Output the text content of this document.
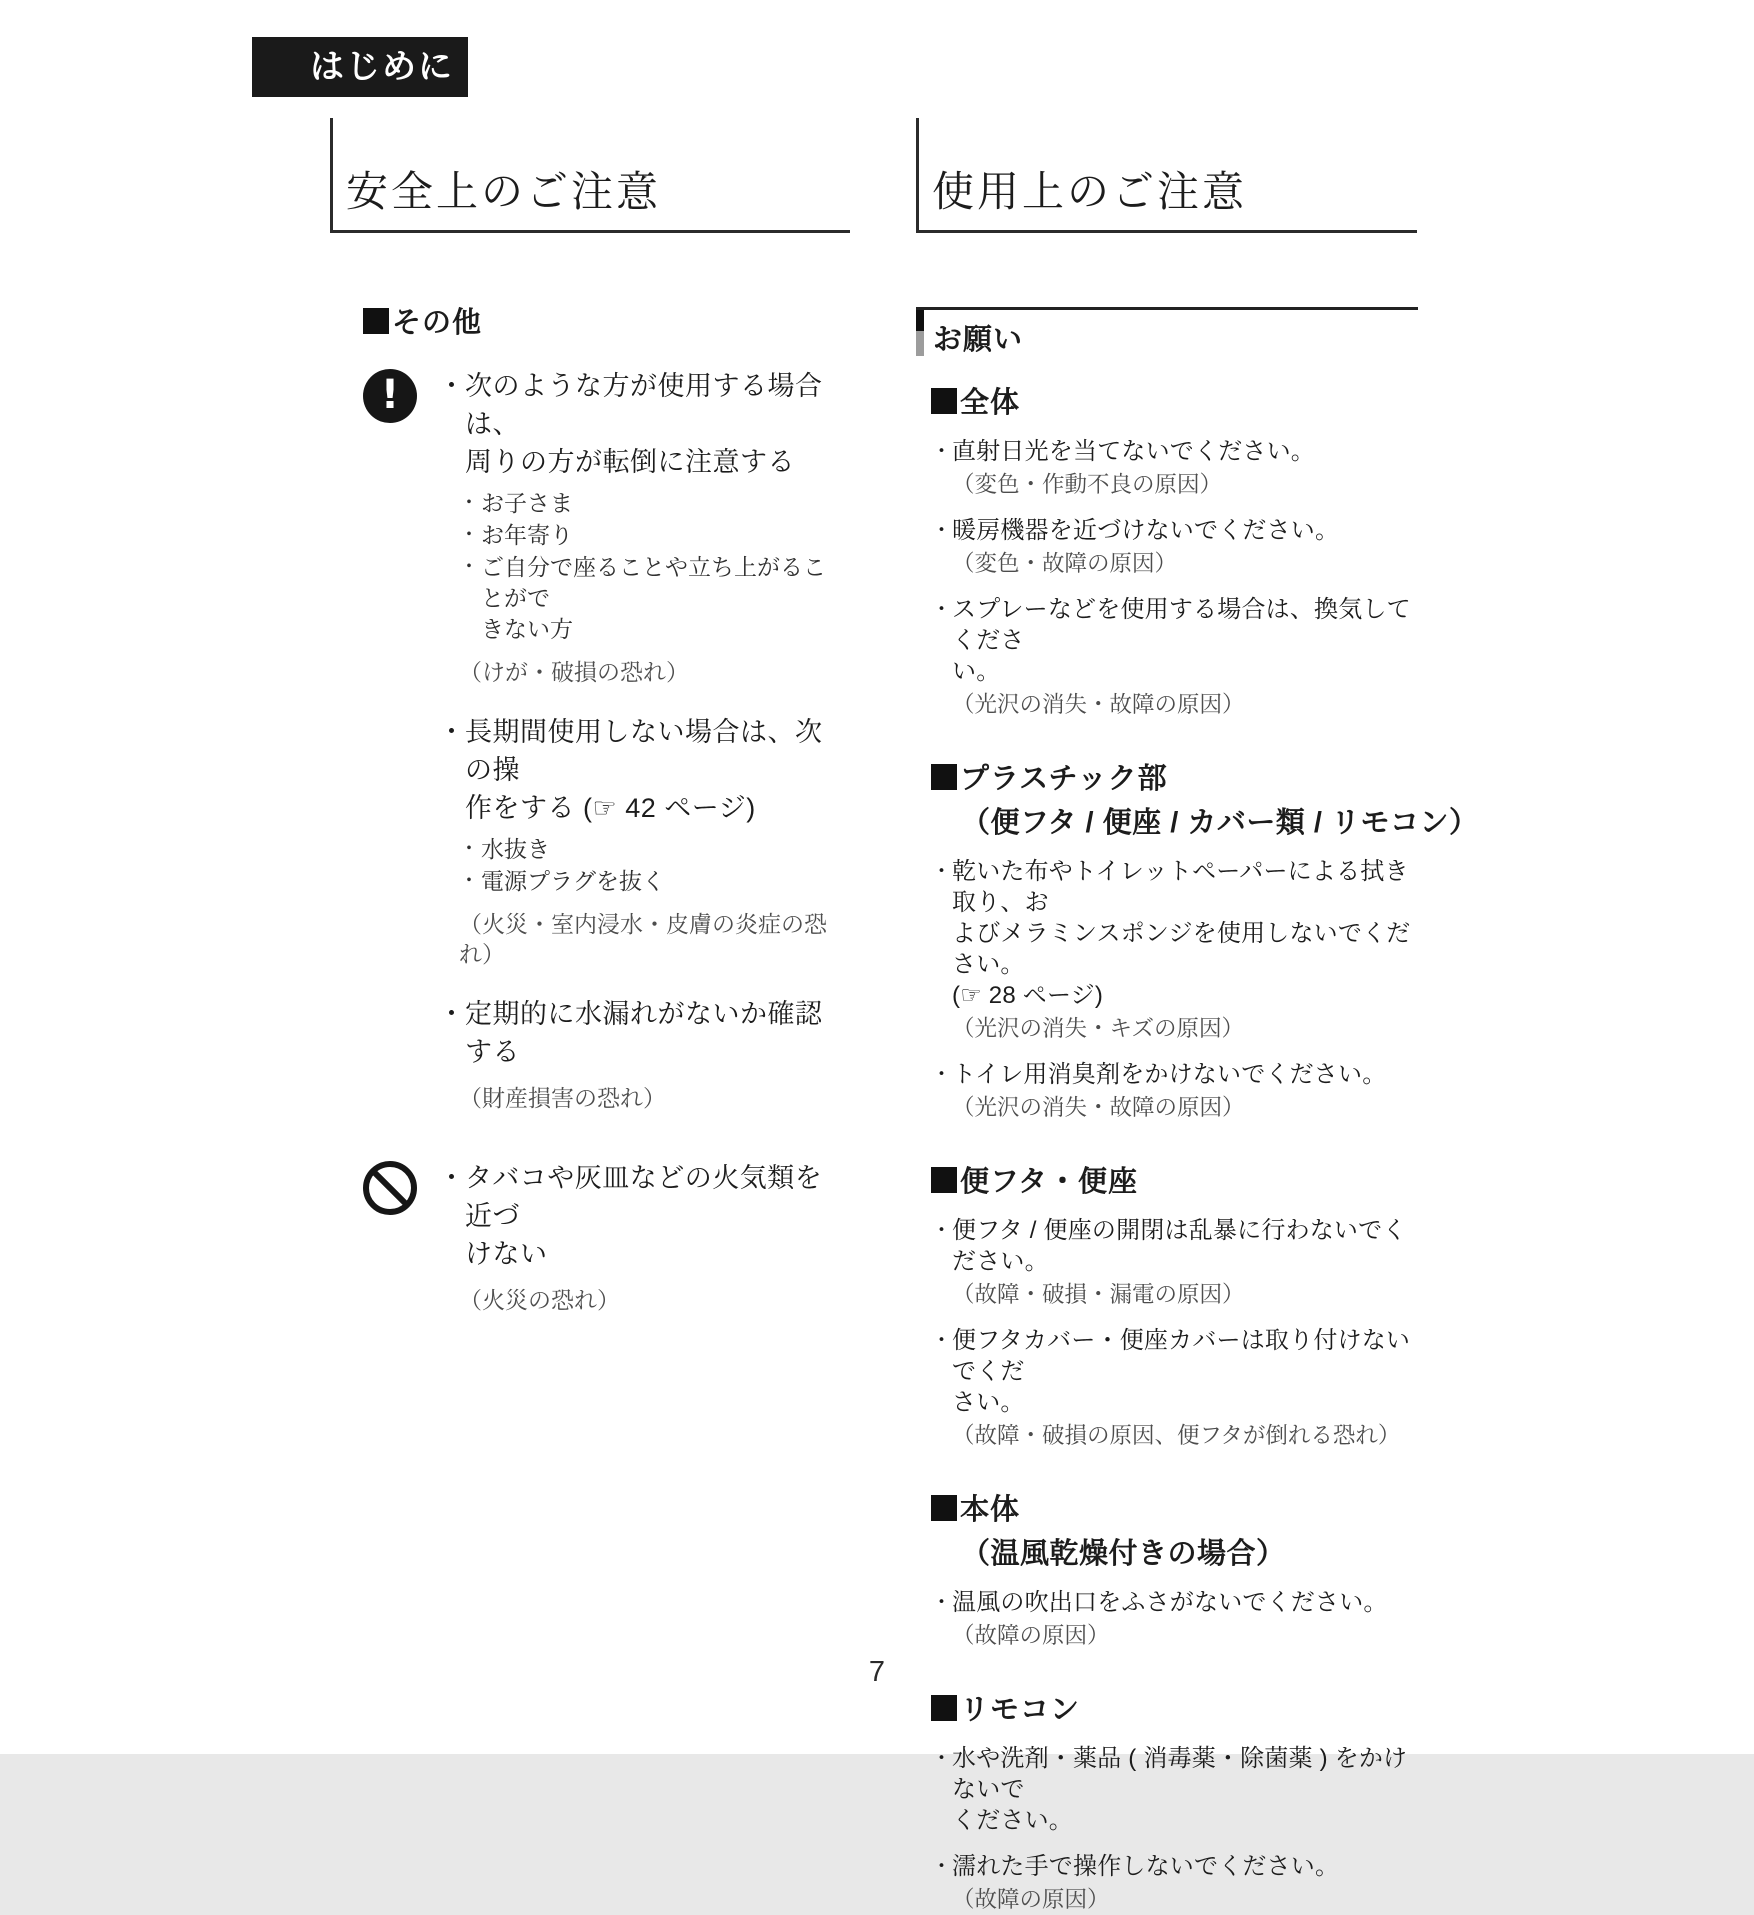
はじめに
安全上のご注意	使用上のご注意
その他
!	・ 次のような方が使用する場合は、
周りの方が転倒に注意する
・ お子さま
・ お年寄り
・ ご自分で座ることや立ち上がることがで
きない方
（けが・破損の恐れ）
・ 長期間使用しない場合は、次の操
作をする (☞ 42 ページ)
・ 水抜き
・ 電源プラグを抜く
（火災・室内浸水・皮膚の炎症の恐れ）
・ 定期的に水漏れがないか確認する
（財産損害の恐れ）
・ タバコや灰皿などの火気類を近づ
けない
（火災の恐れ）
お願い
全体
・ 直射日光を当てないでください。
（変色・作動不良の原因）
・ 暖房機器を近づけないでください。
（変色・故障の原因）
・ スプレーなどを使用する場合は、換気してくださ
い。
（光沢の消失・故障の原因）
プラスチック部
（便フタ / 便座 / カバー類 / リモコン）
・ 乾いた布やトイレットペーパーによる拭き取り、お
よびメラミンスポンジを使用しないでください。
(☞ 28 ページ)
（光沢の消失・キズの原因）
・ トイレ用消臭剤をかけないでください。
（光沢の消失・故障の原因）
便フタ・便座
・ 便フタ / 便座の開閉は乱暴に行わないでください。
（故障・破損・漏電の原因）
・ 便フタカバー・便座カバーは取り付けないでくだ
さい。
（故障・破損の原因、便フタが倒れる恐れ）
本体
（温風乾燥付きの場合）
・ 温風の吹出口をふさがないでください。
（故障の原因）
リモコン
・ 水や洗剤・薬品 ( 消毒薬・除菌薬 ) をかけないで
ください。
・ 濡れた手で操作しないでください。
（故障の原因）
7
